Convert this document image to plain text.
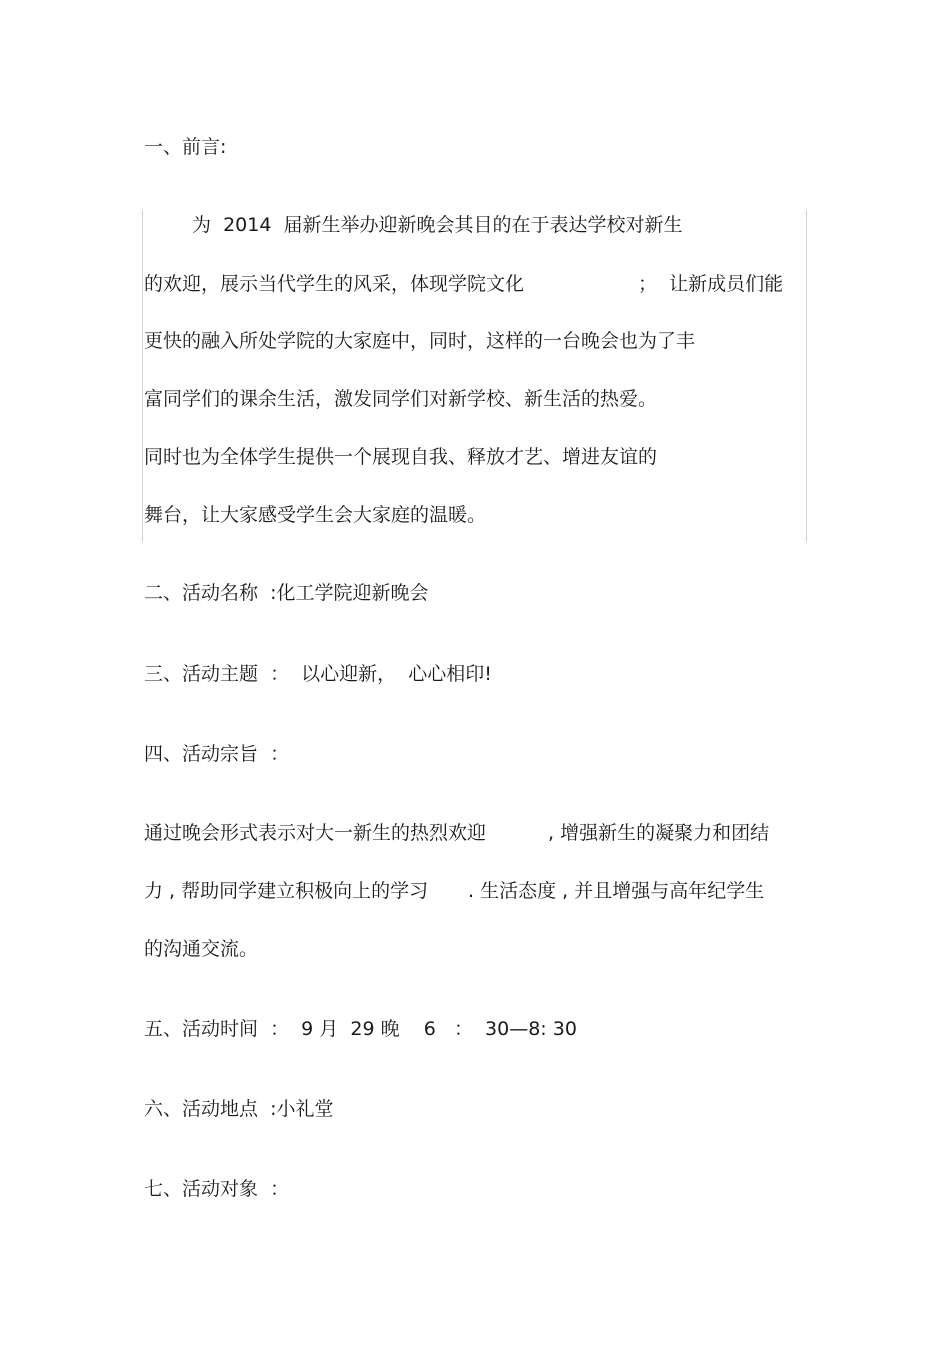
一、前言:
为  2014  届新生举办迎新晚会其目的在于表达学校对新生
的欢迎，展示当代学生的风采，体现学院文化	；  让新成员们能
更快的融入所处学院的大家庭中，同时，这样的一台晚会也为了丰
富同学们的课余生活，激发同学们对新学校、新生活的热爱。
同时也为全体学生提供一个展现自我、释放才艺、增进友谊的
舞台，让大家感受学生会大家庭的温暖。
二、活动名称  :化工学院迎新晚会
三、活动主题  ：  以心迎新，  心心相印!
四、活动宗旨  ：
通过晚会形式表示对大一新生的热烈欢迎	, 增强新生的凝聚力和团结
力 , 帮助同学建立积极向上的学习 . 生活态度 , 并且增强与高年纪学生
的沟通交流。
五、活动时间  ：  9 月  29 晚    6   ：  30—8: 30
六、活动地点  :小礼堂
七、活动对象  ：
